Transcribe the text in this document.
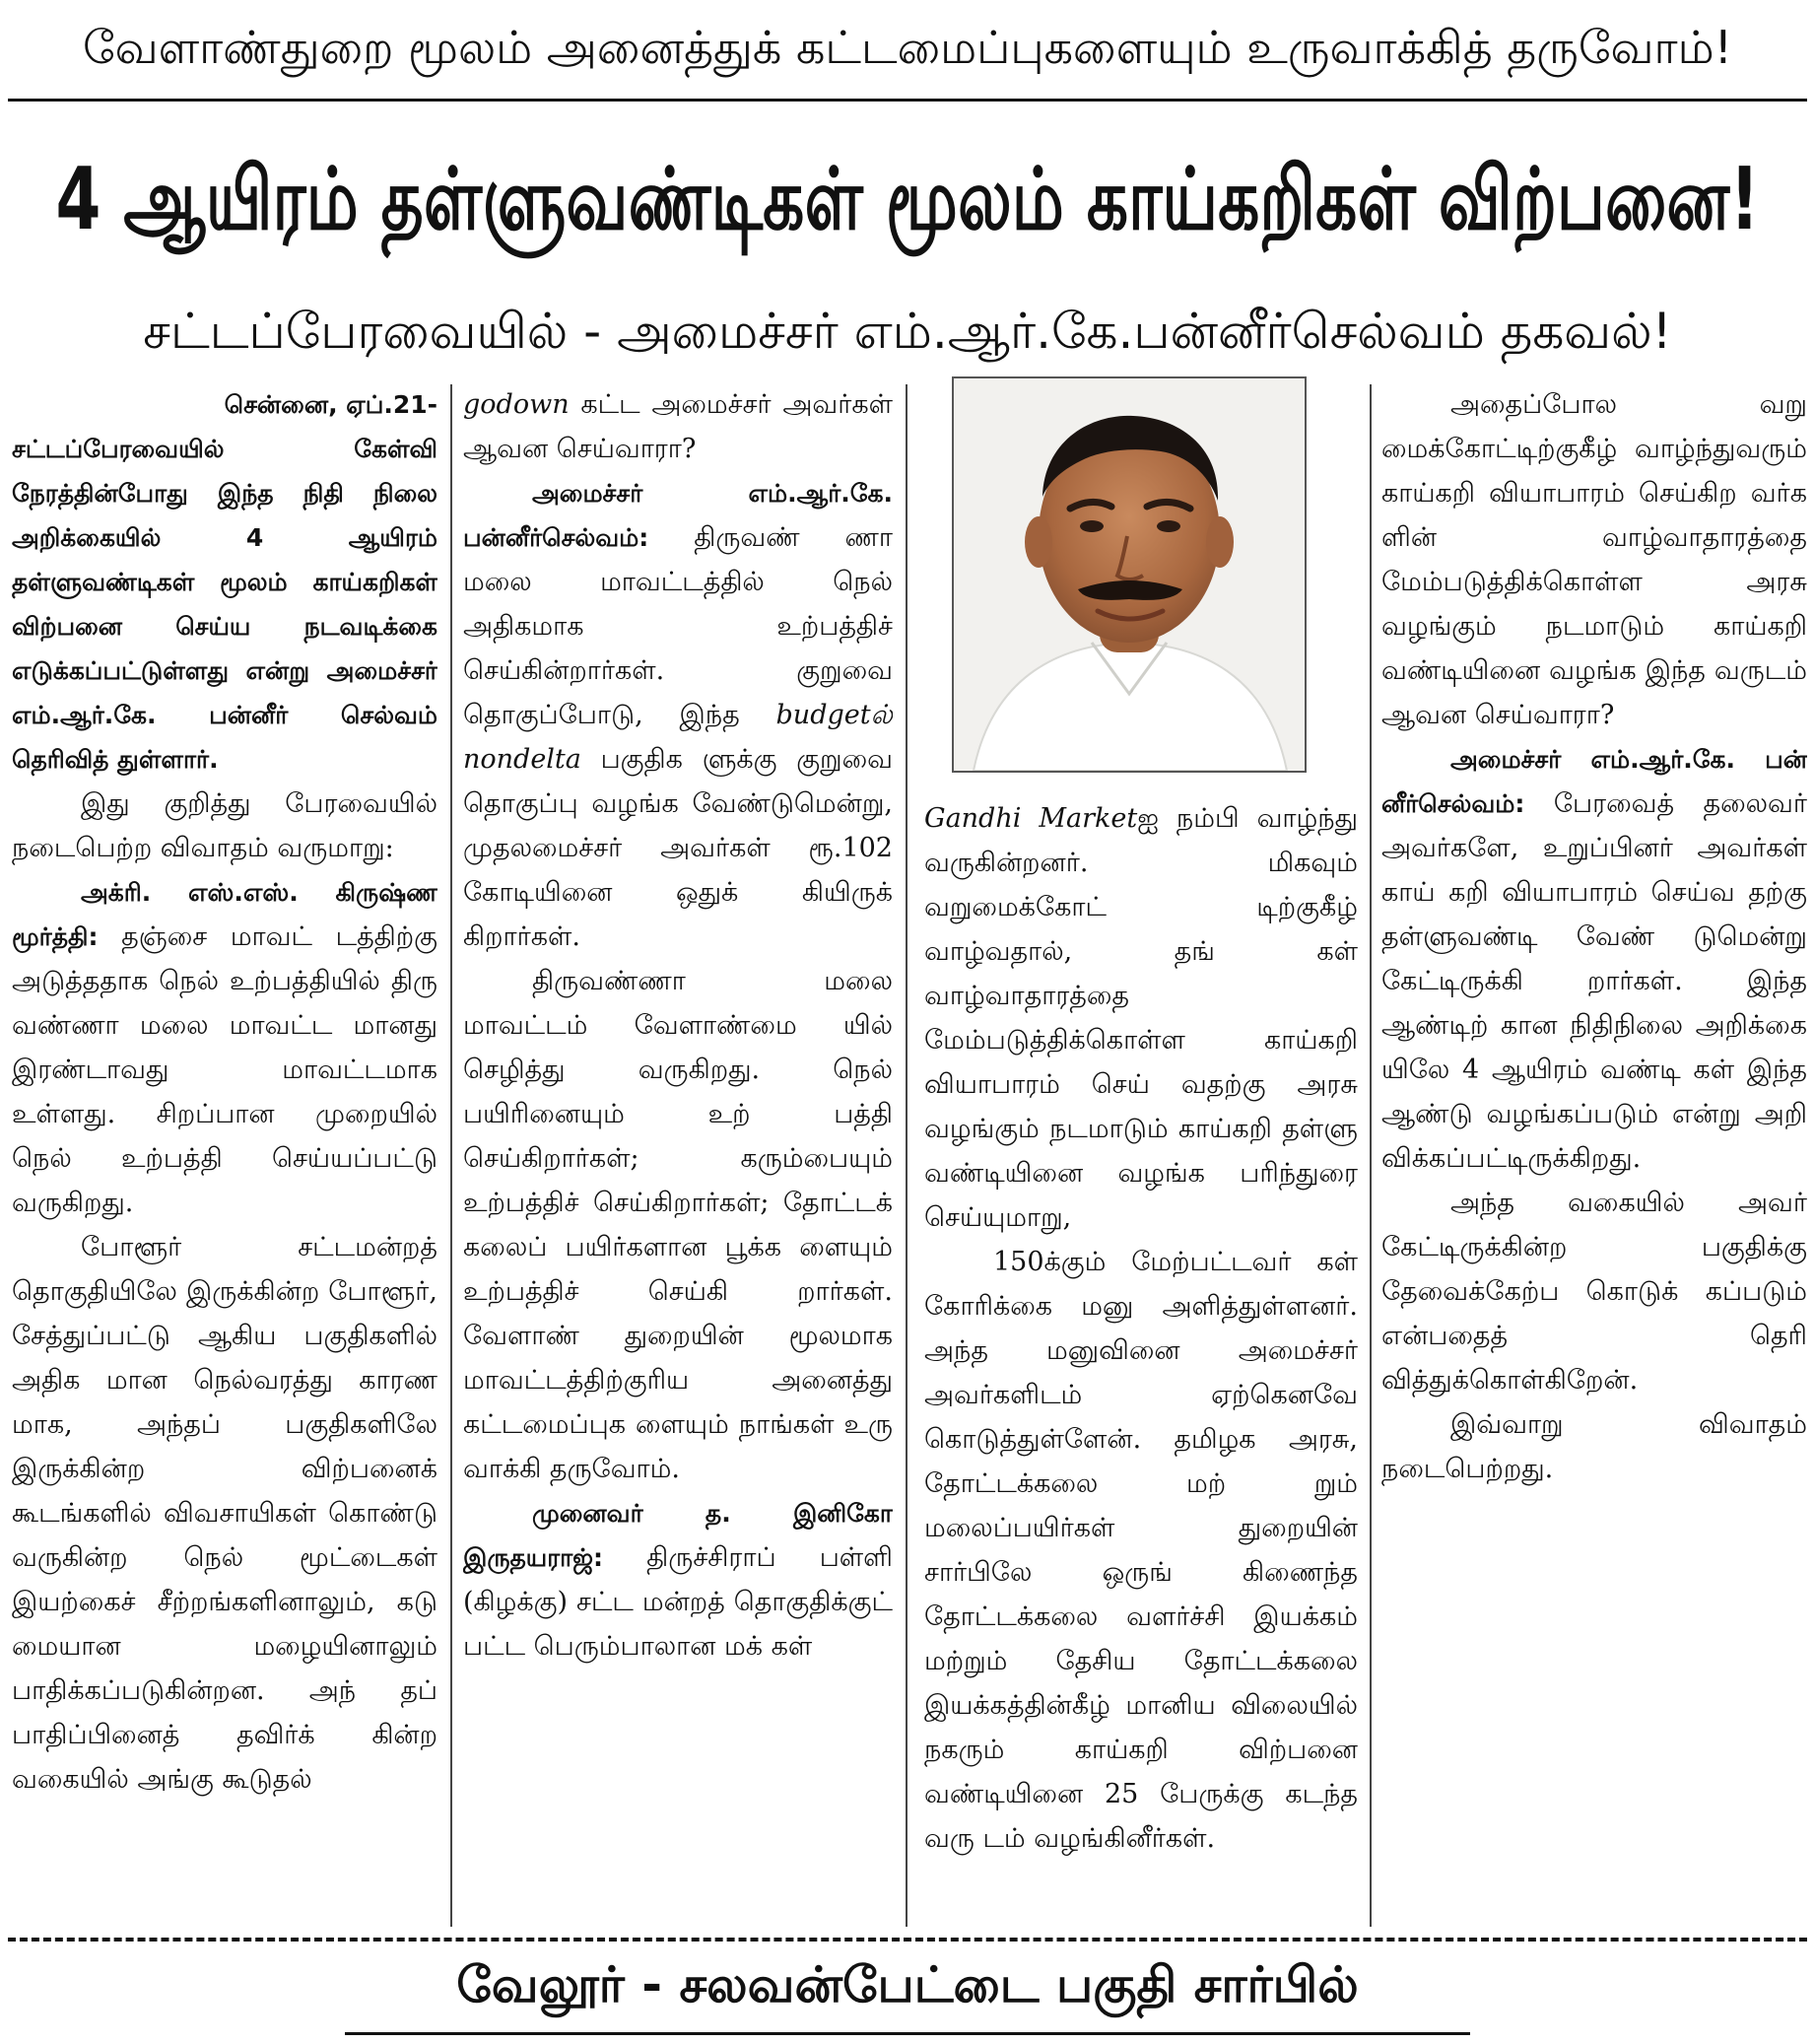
வேளாண்துறை மூலம் அனைத்துக் கட்டமைப்புகளையும் உருவாக்கித் தருவோம்!
4 ஆயிரம் தள்ளுவண்டிகள் மூலம் காய்கறிகள் விற்பனை!
சட்டப்பேரவையில் - அமைச்சர் எம்.ஆர்.கே.பன்னீர்செல்வம் தகவல்!

சென்னை, ஏப்.21-

சட்டப்பேரவையில் கேள்வி நேரத்தின்போது இந்த நிதி நிலை அறிக்கையில் 4 ஆயிரம் தள்ளுவண்டிகள் மூலம் காய்கறிகள் விற்பனை செய்ய நடவடிக்கை எடுக்கப்பட்டுள்ளது என்று அமைச்சர் எம்.ஆர்.கே. பன்னீர் செல்வம் தெரிவித் துள்ளார்.

இது குறித்து பேரவையில் நடைபெற்ற விவாதம் வருமாறு:

அக்ரி. எஸ்.எஸ். கிருஷ்ண மூர்த்தி: தஞ்சை மாவட் டத்திற்கு அடுத்ததாக நெல் உற்பத்தியில் திரு வண்ணா மலை மாவட்ட மானது இரண்டாவது மாவட்டமாக உள்ளது. சிறப்பான முறையில் நெல் உற்பத்தி செய்யப்பட்டு வருகிறது.

போளூர் சட்டமன்றத் தொகுதியிலே இருக்கின்ற போளூர், சேத்துப்பட்டு ஆகிய பகுதிகளில் அதிக மான நெல்வரத்து காரண மாக, அந்தப் பகுதிகளிலே இருக்கின்ற விற்பனைக் கூடங்களில் விவசாயிகள் கொண்டு வருகின்ற நெல் மூட்டைகள் இயற்கைச் சீற்றங்களினாலும், கடு மையான மழையினாலும் பாதிக்கப்படுகின்றன. அந் தப் பாதிப்பினைத் தவிர்க் கின்ற வகையில் அங்கு கூடுதல்

godown கட்ட அமைச்சர் அவர்கள் ஆவன செய்வாரா?

அமைச்சர் எம்.ஆர்.கே. பன்னீர்செல்வம்: திருவண் ணா மலை மாவட்டத்தில் நெல் அதிகமாக உற்பத்திச் செய்கின்றார்கள். குறுவை தொகுப்போடு, இந்த budgetல் nondelta பகுதிக ளுக்கு குறுவை தொகுப்பு வழங்க வேண்டுமென்று, முதலமைச்சர் அவர்கள் ரூ.102 கோடியினை ஒதுக் கியிருக் கிறார்கள்.

திருவண்ணா மலை மாவட்டம் வேளாண்மை யில் செழித்து வருகிறது. நெல் பயிரினையும் உற் பத்தி செய்கிறார்கள்; கரும்பையும் உற்பத்திச் செய்கிறார்கள்; தோட்டக் கலைப் பயிர்களான பூக்க ளையும் உற்பத்திச் செய்கி றார்கள். வேளாண் துறையின் மூலமாக மாவட்டத்திற்குரிய அனைத்து கட்டமைப்புக ளையும் நாங்கள் உரு வாக்கி தருவோம்.

முனைவர் த. இனிகோ இருதயராஜ்: திருச்சிராப் பள்ளி (கிழக்கு) சட்ட மன்றத் தொகுதிக்குட் பட்ட பெரும்பாலான மக் கள்

Gandhi Marketஐ நம்பி வாழ்ந்து வருகின்றனர். மிகவும் வறுமைக்கோட் டிற்குகீழ் வாழ்வதால், தங் கள் வாழ்வாதாரத்தை மேம்படுத்திக்கொள்ள காய்கறி வியாபாரம் செய் வதற்கு அரசு வழங்கும் நடமாடும் காய்கறி தள்ளு வண்டியினை வழங்க பரிந்துரை செய்யுமாறு,

150க்கும் மேற்பட்டவர் கள் கோரிக்கை மனு அளித்துள்ளனர். அந்த மனுவினை அமைச்சர் அவர்களிடம் ஏற்கெனவே கொடுத்துள்ளேன். தமிழக அரசு, தோட்டக்கலை மற் றும் மலைப்பயிர்கள் துறையின் சார்பிலே ஒருங் கிணைந்த தோட்டக்கலை வளர்ச்சி இயக்கம் மற்றும் தேசிய தோட்டக்கலை இயக்கத்தின்கீழ் மானிய விலையில் நகரும் காய்கறி விற்பனை வண்டியினை 25 பேருக்கு கடந்த வரு டம் வழங்கினீர்கள்.

அதைப்போல வறு மைக்கோட்டிற்குகீழ் வாழ்ந்துவரும் காய்கறி வியாபாரம் செய்கிற வர்க ளின் வாழ்வாதாரத்தை மேம்படுத்திக்கொள்ள அரசு வழங்கும் நடமாடும் காய்கறி வண்டியினை வழங்க இந்த வருடம் ஆவன செய்வாரா?

அமைச்சர் எம்.ஆர்.கே. பன் னீர்செல்வம்: பேரவைத் தலைவர் அவர்களே, உறுப்பினர் அவர்கள் காய் கறி வியாபாரம் செய்வ தற்கு தள்ளுவண்டி வேண் டுமென்று கேட்டிருக்கி றார்கள். இந்த ஆண்டிற் கான நிதிநிலை அறிக்கை யிலே 4 ஆயிரம் வண்டி கள் இந்த ஆண்டு வழங்கப்படும் என்று அறி விக்கப்பட்டிருக்கிறது.

அந்த வகையில் அவர் கேட்டிருக்கின்ற பகுதிக்கு தேவைக்கேற்ப கொடுக் கப்படும் என்பதைத் தெரி வித்துக்கொள்கிறேன்.

இவ்வாறு விவாதம் நடைபெற்றது.

வேலூர் - சலவன்பேட்டை பகுதி சார்பில்
